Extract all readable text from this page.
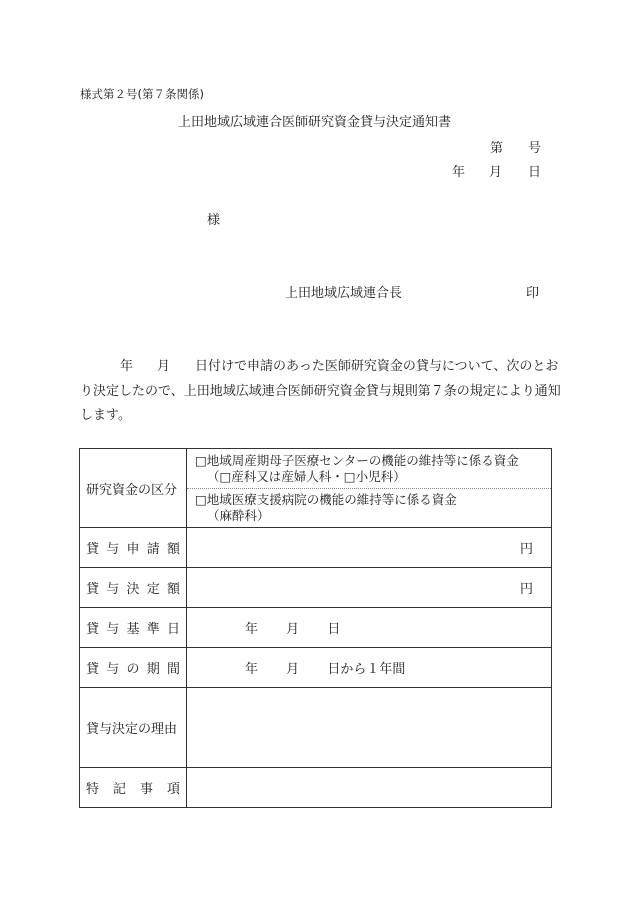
様式第２号(第７条関係)
上田地域広域連合医師研究資金貸与決定通知書
第 号
年 月 日
様
上田地域広域連合長	印
年 月 日付けで申請のあった医師研究資金の貸与について、次のとお
り決定したので、上田地域広域連合医師研究資金貸与規則第７条の規定により通知
します。
研究資金の区分	□地域周産期母子医療センターの機能の維持等に係る資金
（□産科又は産婦人科・□小児科）
□地域医療支援病院の機能の維持等に係る資金
（麻酔科）

貸 与 申 請 額	円

貸 与 決 定 額	円

貸 与 基 準 日	年 月 日

貸 与 の 期 間	年 月 日から１年間
貸与決定の理由	

特 記 事 項	
